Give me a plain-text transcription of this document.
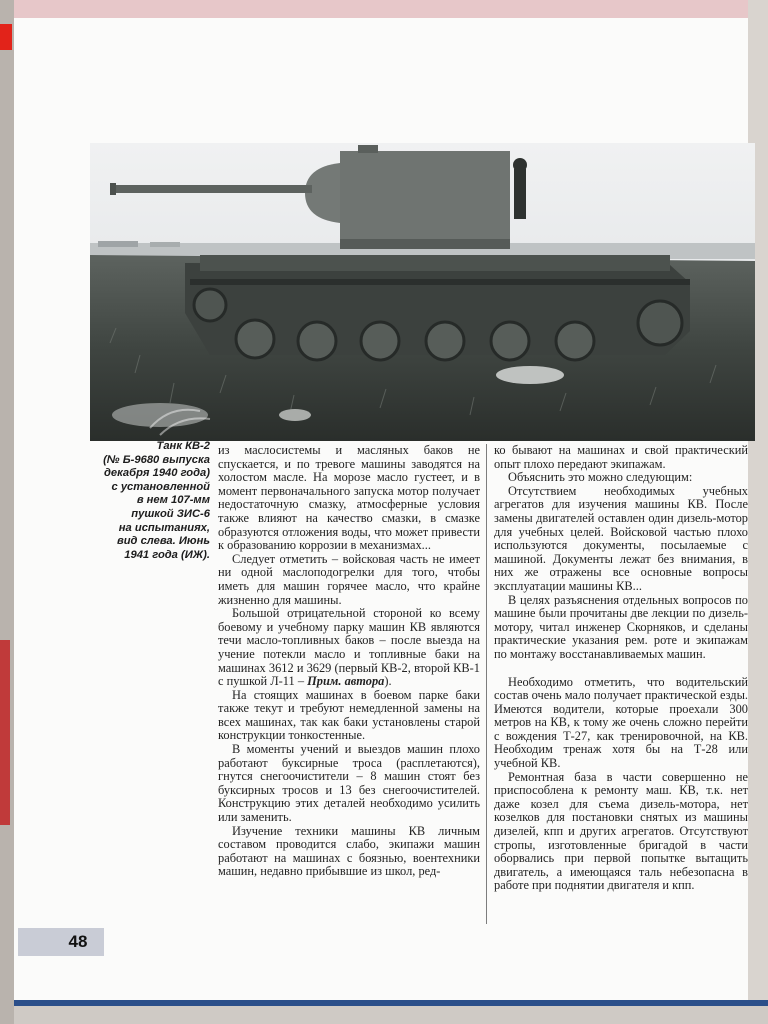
Танк КВ-2
(№ Б-9680 выпуска
декабря 1940 года)
с установленной
в нем 107-мм
пушкой ЗИС-6
на испытаниях,
вид слева. Июнь
1941 года (ИЖ).

из маслосистемы и масляных баков не спускается, и по тревоге машины заводятся на холостом масле. На морозе масло густеет, и в момент первоначального запуска мотор получает недостаточную смазку, атмосферные условия также влияют на качество смазки, в смазке образуются отложения воды, что может привести к образованию коррозии в механизмах...

Следует отметить – войсковая часть не имеет ни одной маслоподогрелки для того, чтобы иметь для машин горячее масло, что крайне жизненно для машины.

Большой отрицательной стороной ко всему боевому и учебному парку машин КВ являются течи масло-топливных баков – после выезда на учение потекли масло и топливные баки на машинах 3612 и 3629 (первый КВ-2, второй КВ-1 с пушкой Л-11 – Прим. автора).

На стоящих машинах в боевом парке баки также текут и требуют немедленной замены на всех машинах, так как баки установлены старой конструкции тонкостенные.

В моменты учений и выездов машин плохо работают буксирные троса (расплетаются), гнутся снегоочистители – 8 машин стоят без буксирных тросов и 13 без снегоочистителей. Конструкцию этих деталей необходимо усилить или заменить.

Изучение техники машины КВ личным составом проводится слабо, экипажи машин работают на машинах с боязнью, воентехники машин, недавно прибывшие из школ, ред-

ко бывают на машинах и свой практический опыт плохо передают экипажам.

Объяснить это можно следующим:

Отсутствием необходимых учебных агрегатов для изучения машины КВ. После замены двигателей оставлен один дизель-мотор для учебных целей. Войсковой частью плохо используются документы, посылаемые с машиной. Документы лежат без внимания, в них же отражены все основные вопросы эксплуатации машины КВ...

В целях разъяснения отдельных вопросов по машине были прочитаны две лекции по дизель-мотору, читал инженер Скорняков, и сделаны практические указания рем. роте и экипажам по монтажу восстанавливаемых машин.

Необходимо отметить, что водительский состав очень мало получает практической езды. Имеются водители, которые проехали 300 метров на КВ, к тому же очень сложно перейти с вождения Т-27, как тренировочной, на КВ. Необходим тренаж хотя бы на Т-28 или учебной КВ.

Ремонтная база в части совершенно не приспособлена к ремонту маш. КВ, т.к. нет даже козел для съема дизель-мотора, нет козелков для постановки снятых из машины дизелей, кпп и других агрегатов. Отсутствуют стропы, изготовленные бригадой в части оборвались при первой попытке вытащить двигатель, а имеющаяся таль небезопасна в работе при поднятии двигателя и кпп.

48
